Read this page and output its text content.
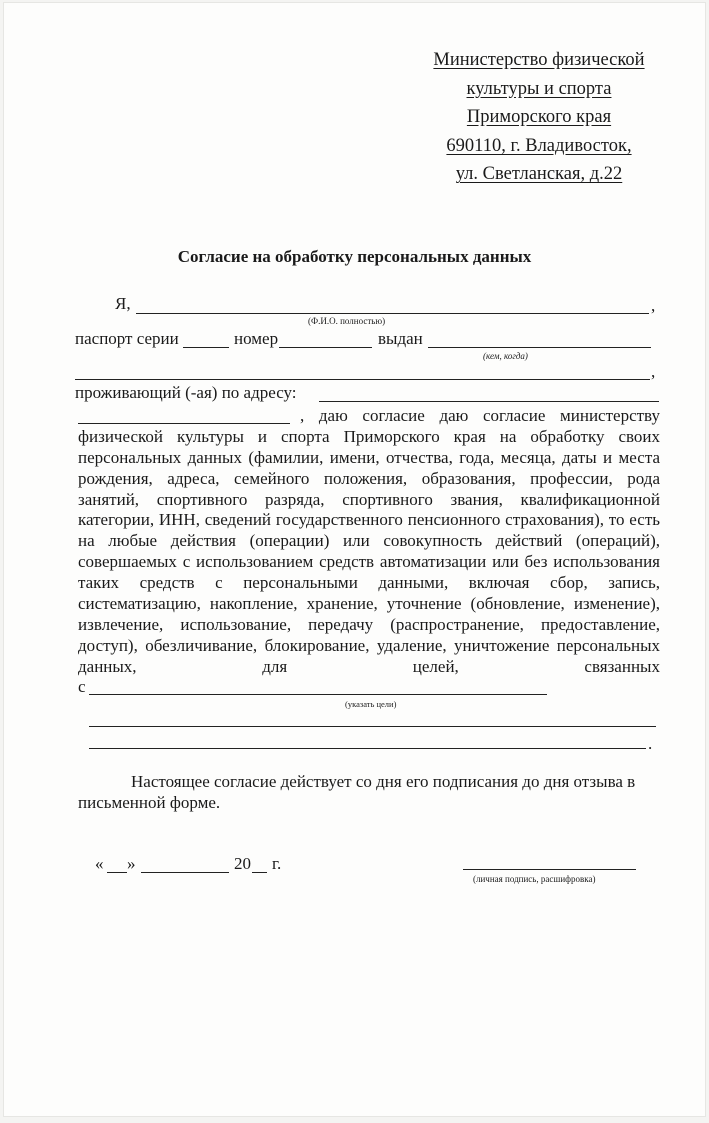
Министерство физической
культуры и спорта
Приморского края
690110, г. Владивосток,
ул. Светланская, д.22
Согласие на обработку персональных данных
Я,	,
(Ф.И.О. полностью)
паспорт серии	номер	выдан
(кем, когда)
,
проживающий (-ая) по адресу:
, даю согласие даю согласие министерству
физической культуры и спорта Приморского края на обработку своих
персональных данных (фамилии, имени, отчества, года, месяца, даты и места
рождения, адреса, семейного положения, образования, профессии, рода
занятий, спортивного разряда, спортивного звания, квалификационной
категории, ИНН, сведений государственного пенсионного страхования), то есть
на любые действия (операции) или совокупность действий (операций),
совершаемых с использованием средств автоматизации или без использования
таких средств с персональными данными, включая сбор, запись,
систематизацию, накопление, хранение, уточнение (обновление, изменение),
извлечение, использование, передачу (распространение, предоставление,
доступ), обезличивание, блокирование, удаление, уничтожение персональных
данных,	для	целей,	связанных
с
(указать цели)
.
Настоящее согласие действует со дня его подписания до дня отзыва в
письменной форме.
« »	20 г.
(личная подпись, расшифровка)
